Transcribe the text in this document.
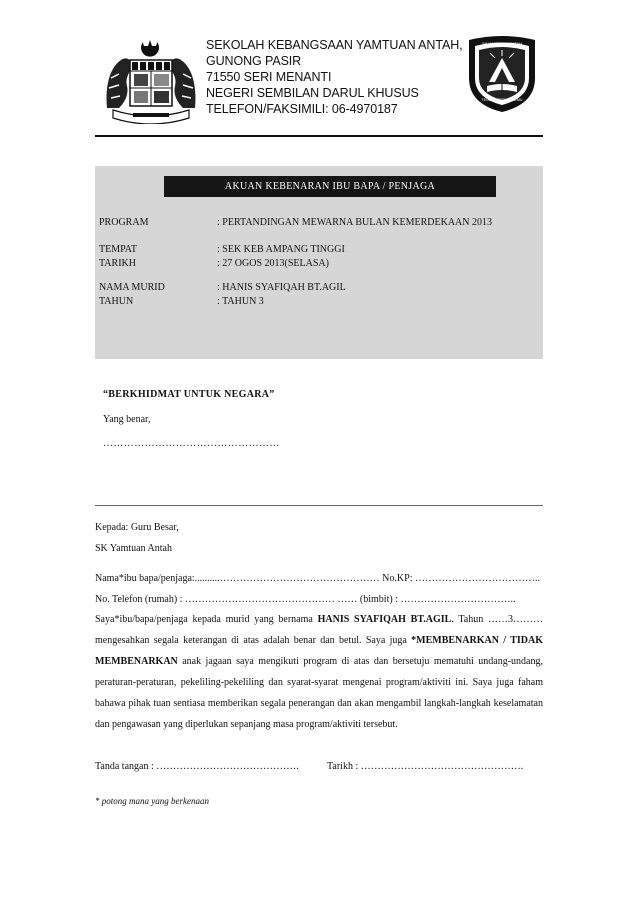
SEKOLAH KEBANGSAAN YAMTUAN ANTAH,
GUNONG PASIR
71550 SERI MENANTI
NEGERI SEMBILAN DARUL KHUSUS
TELEFON/FAKSIMILI: 06-4970187
SK YAMTUAN ANTAH
TEGUH SERTA BERILMU
AKUAN KEBENARAN IBU BAPA / PENJAGA
PROGRAM	: PERTANDINGAN MEWARNA BULAN KEMERDEKAAN 2013
TEMPAT	: SEK KEB AMPANG TINGGI
TARIKH	: 27 OGOS 2013(SELASA)
NAMA MURID	: HANIS SYAFIQAH BT.AGIL
TAHUN	: TAHUN 3
“BERKHIDMAT UNTUK NEGARA”
Yang benar,
……………………………………………
Kepada: Guru Besar,
SK Yamtuan Antah
Nama*ibu bapa/penjaga:..........………………………………………… No.KP: ………………………………..
No. Telefon (rumah) : ……………………………………… …… (bimbit) : ……………………………..
Saya*ibu/bapa/penjaga kepada murid yang bernama HANIS SYAFIQAH BT.AGIL. Tahun ……3……… mengesahkan segala keterangan di atas adalah benar dan betul. Saya juga *MEMBENARKAN / TIDAK MEMBENARKAN anak jagaan saya mengikuti program di atas dan bersetuju mematuhi undang-undang, peraturan-peraturan, pekeliling-pekeliling dan syarat-syarat mengenai program/aktiviti ini. Saya juga faham bahawa pihak tuan sentiasa memberikan segala penerangan dan akan mengambil langkah-langkah keselamatan dan pengawasan yang diperlukan sepanjang masa program/aktiviti tersebut.
Tanda tangan : …………………………………….	Tarikh : ………………………………………….
* potong mana yang berkenaan
